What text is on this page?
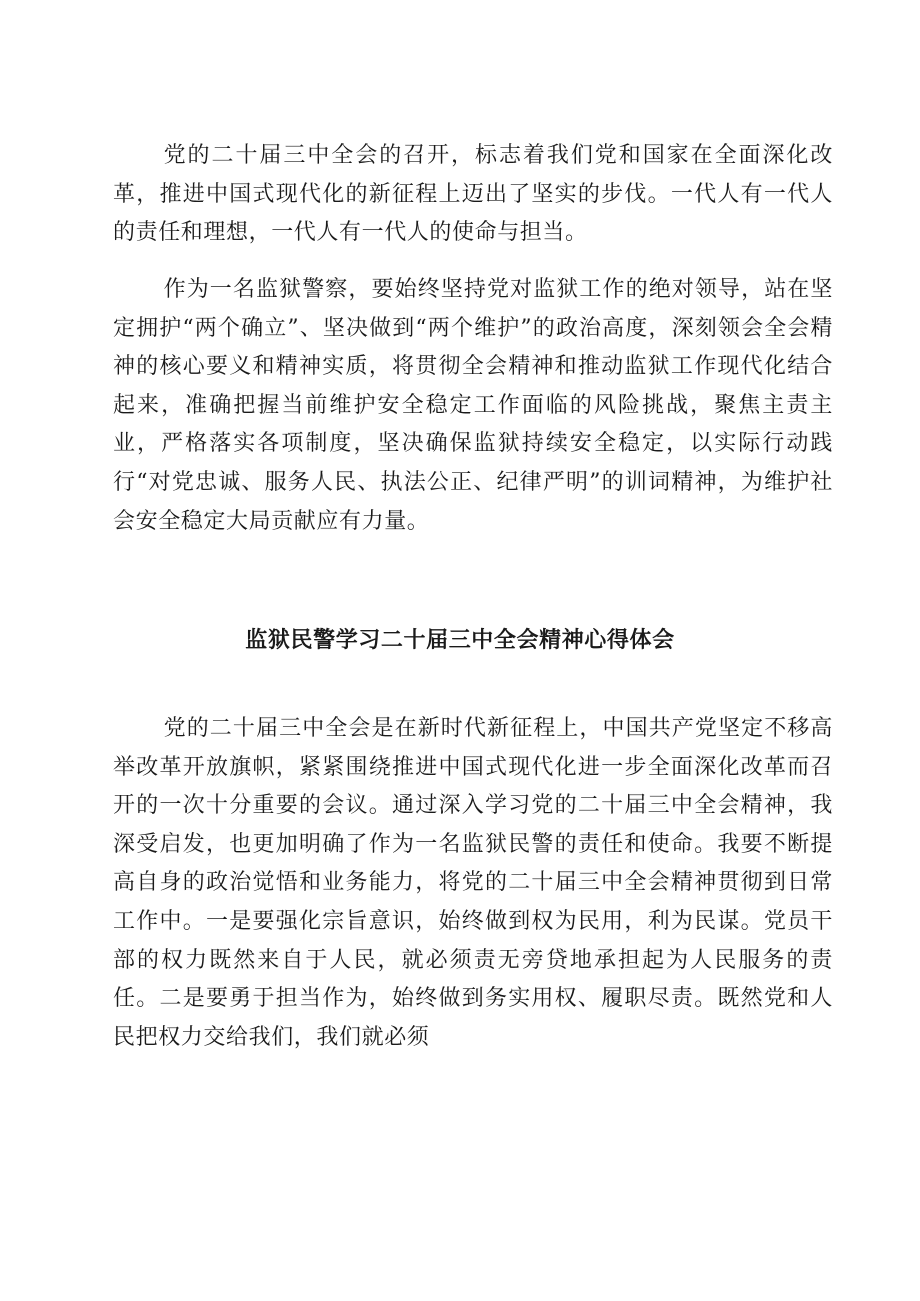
党的二十届三中全会的召开，标志着我们党和国家在全面深化改革，推进中国式现代化的新征程上迈出了坚实的步伐。一代人有一代人的责任和理想，一代人有一代人的使命与担当。

作为一名监狱警察，要始终坚持党对监狱工作的绝对领导，站在坚定拥护“两个确立”、坚决做到“两个维护”的政治高度，深刻领会全会精神的核心要义和精神实质，将贯彻全会精神和推动监狱工作现代化结合起来，准确把握当前维护安全稳定工作面临的风险挑战，聚焦主责主业，严格落实各项制度，坚决确保监狱持续安全稳定，以实际行动践行“对党忠诚、服务人民、执法公正、纪律严明”的训词精神，为维护社会安全稳定大局贡献应有力量。

监狱民警学习二十届三中全会精神心得体会

党的二十届三中全会是在新时代新征程上，中国共产党坚定不移高举改革开放旗帜，紧紧围绕推进中国式现代化进一步全面深化改革而召开的一次十分重要的会议。通过深入学习党的二十届三中全会精神，我深受启发，也更加明确了作为一名监狱民警的责任和使命。我要不断提高自身的政治觉悟和业务能力，将党的二十届三中全会精神贯彻到日常工作中。一是要强化宗旨意识，始终做到权为民用，利为民谋。党员干部的权力既然来自于人民，就必须责无旁贷地承担起为人民服务的责任。二是要勇于担当作为，始终做到务实用权、履职尽责。既然党和人民把权力交给我们，我们就必须
